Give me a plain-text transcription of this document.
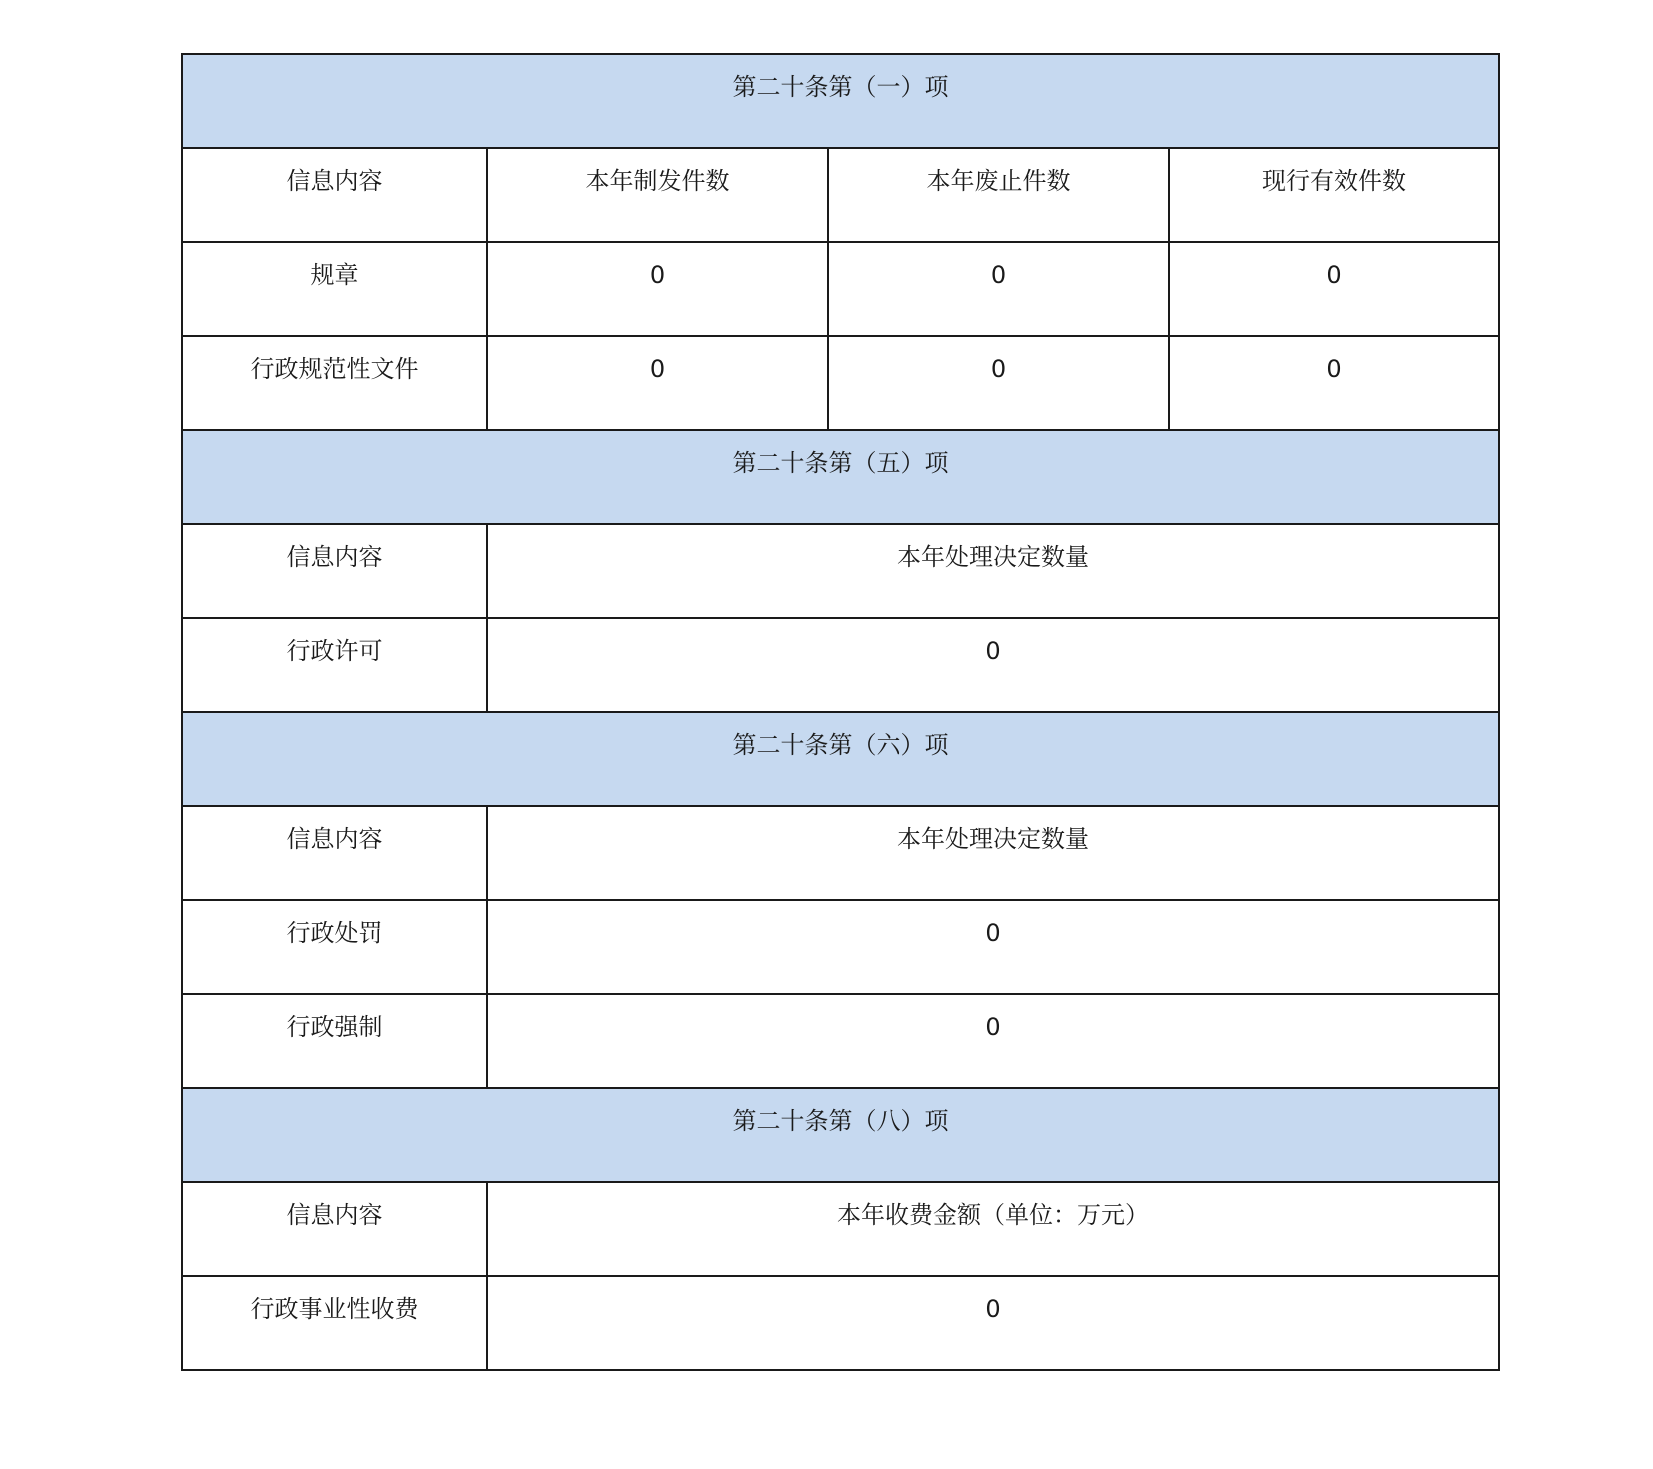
第二十条第（一）项			

信息内容	本年制发件数	本年废止件数	现行有效件数

规章	0	0	0

行政规范性文件	0	0	0

第二十条第（五）项			

信息内容	本年处理决定数量		

行政许可	0		

第二十条第（六）项			

信息内容	本年处理决定数量		

行政处罚	0		

行政强制	0		

第二十条第（八）项			

信息内容	本年收费金额（单位：万元）		

行政事业性收费	0		
